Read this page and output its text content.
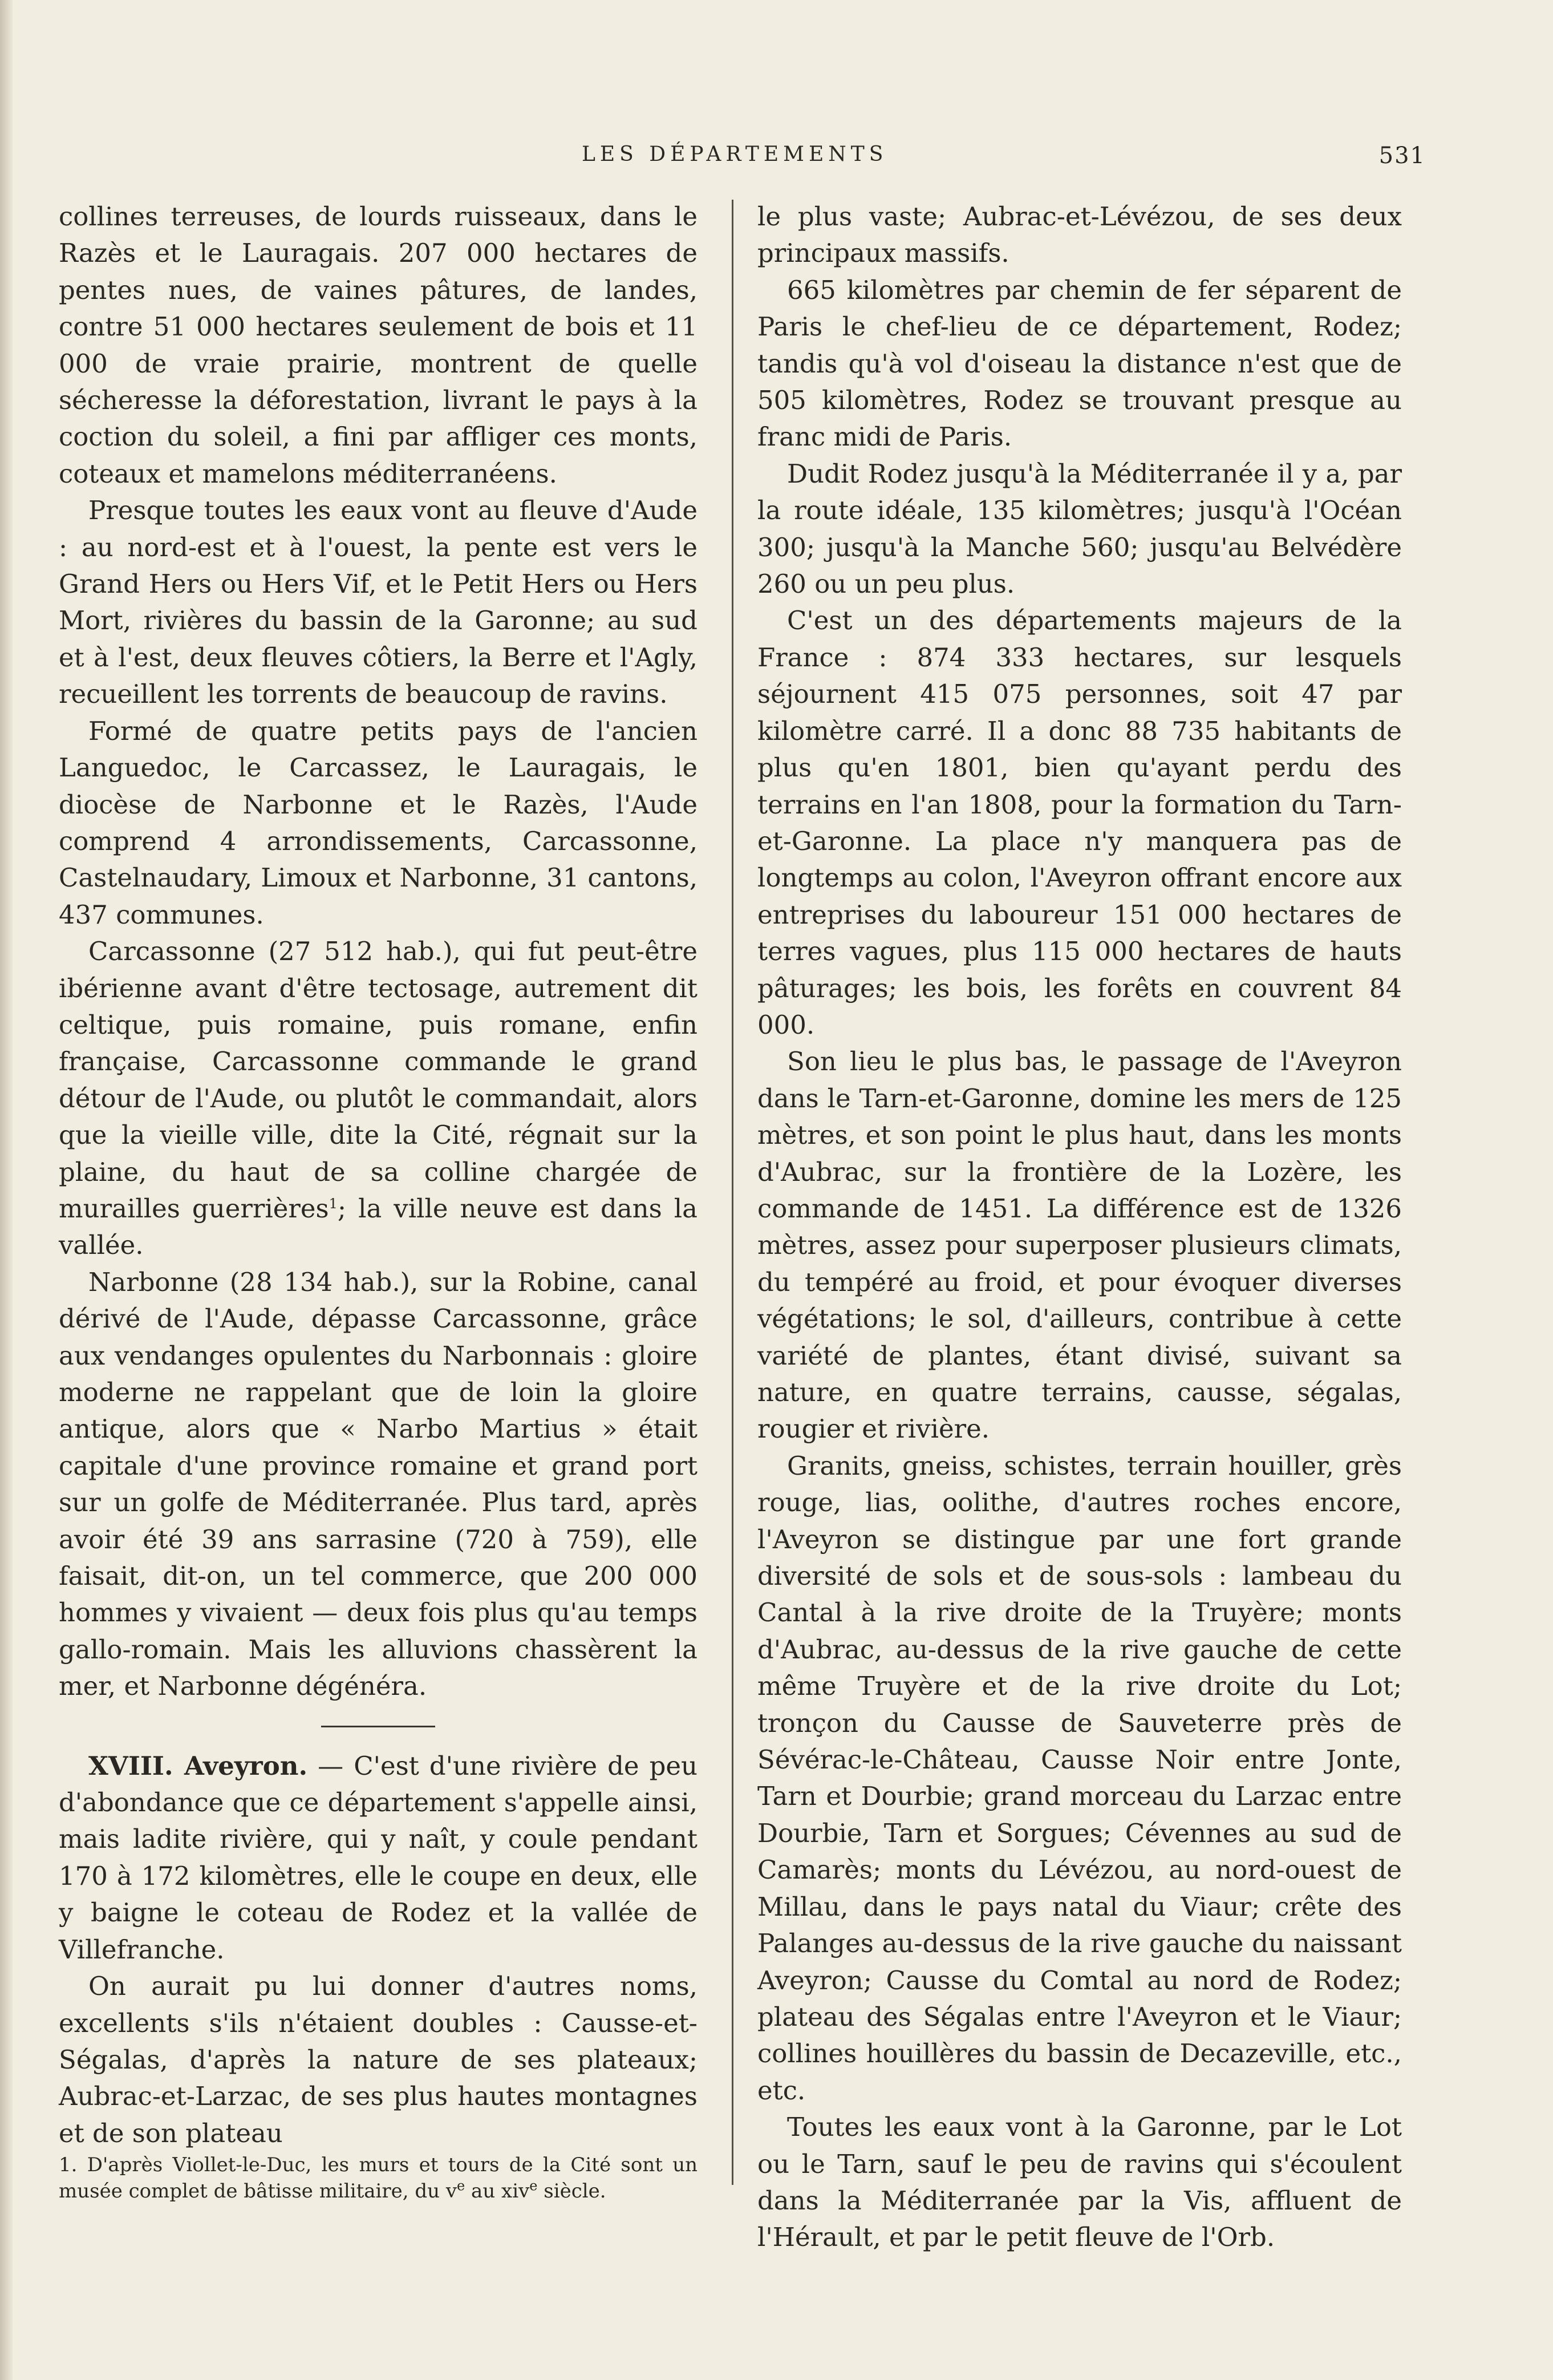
LES DÉPARTEMENTS	531

collines terreuses, de lourds ruisseaux, dans le Razès et le Lauragais. 207 000 hectares de pentes nues, de vaines pâtures, de landes, contre 51 000 hectares seulement de bois et 11 000 de vraie prairie, montrent de quelle sécheresse la déforestation, livrant le pays à la coction du soleil, a fini par affliger ces monts, coteaux et mamelons méditerranéens.

Presque toutes les eaux vont au fleuve d'Aude : au nord-est et à l'ouest, la pente est vers le Grand Hers ou Hers Vif, et le Petit Hers ou Hers Mort, rivières du bassin de la Garonne; au sud et à l'est, deux fleuves côtiers, la Berre et l'Agly, recueillent les torrents de beaucoup de ravins.

Formé de quatre petits pays de l'ancien Languedoc, le Carcassez, le Lauragais, le diocèse de Narbonne et le Razès, l'Aude comprend 4 arrondissements, Carcassonne, Castelnaudary, Limoux et Narbonne, 31 cantons, 437 communes.

Carcassonne (27 512 hab.), qui fut peut-être ibérienne avant d'être tectosage, autrement dit celtique, puis romaine, puis romane, enfin française, Carcassonne commande le grand détour de l'Aude, ou plutôt le commandait, alors que la vieille ville, dite la Cité, régnait sur la plaine, du haut de sa colline chargée de murailles guerrières$^1$; la ville neuve est dans la vallée.

Narbonne (28 134 hab.), sur la Robine, canal dérivé de l'Aude, dépasse Carcassonne, grâce aux vendanges opulentes du Narbonnais : gloire moderne ne rappelant que de loin la gloire antique, alors que « Narbo Martius » était capitale d'une province romaine et grand port sur un golfe de Méditerranée. Plus tard, après avoir été 39 ans sarrasine (720 à 759), elle faisait, dit-on, un tel commerce, que 200 000 hommes y vivaient — deux fois plus qu'au temps gallo-romain. Mais les alluvions chassèrent la mer, et Narbonne dégénéra.

XVIII. Aveyron. — C'est d'une rivière de peu d'abondance que ce département s'appelle ainsi, mais ladite rivière, qui y naît, y coule pendant 170 à 172 kilomètres, elle le coupe en deux, elle y baigne le coteau de Rodez et la vallée de Villefranche.

On aurait pu lui donner d'autres noms, excellents s'ils n'étaient doubles : Causse-et-Ségalas, d'après la nature de ses plateaux; Aubrac-et-Larzac, de ses plus hautes montagnes et de son plateau

1. D'après Viollet-le-Duc, les murs et tours de la Cité sont un musée complet de bâtisse militaire, du $v^e$ au xiv$^e$ siècle.

le plus vaste; Aubrac-et-Lévézou, de ses deux principaux massifs.

665 kilomètres par chemin de fer séparent de Paris le chef-lieu de ce département, Rodez; tandis qu'à vol d'oiseau la distance n'est que de 505 kilomètres, Rodez se trouvant presque au franc midi de Paris.

Dudit Rodez jusqu'à la Méditerranée il y a, par la route idéale, 135 kilomètres; jusqu'à l'Océan 300; jusqu'à la Manche 560; jusqu'au Belvédère 260 ou un peu plus.

C'est un des départements majeurs de la France : 874 333 hectares, sur lesquels séjournent 415 075 personnes, soit 47 par kilomètre carré. Il a donc 88 735 habitants de plus qu'en 1801, bien qu'ayant perdu des terrains en l'an 1808, pour la formation du Tarn-et-Garonne. La place n'y manquera pas de longtemps au colon, l'Aveyron offrant encore aux entreprises du laboureur 151 000 hectares de terres vagues, plus 115 000 hectares de hauts pâturages; les bois, les forêts en couvrent 84 000.

Son lieu le plus bas, le passage de l'Aveyron dans le Tarn-et-Garonne, domine les mers de 125 mètres, et son point le plus haut, dans les monts d'Aubrac, sur la frontière de la Lozère, les commande de 1451. La différence est de 1326 mètres, assez pour superposer plusieurs climats, du tempéré au froid, et pour évoquer diverses végétations; le sol, d'ailleurs, contribue à cette variété de plantes, étant divisé, suivant sa nature, en quatre terrains, causse, ségalas, rougier et rivière.

Granits, gneiss, schistes, terrain houiller, grès rouge, lias, oolithe, d'autres roches encore, l'Aveyron se distingue par une fort grande diversité de sols et de sous-sols : lambeau du Cantal à la rive droite de la Truyère; monts d'Aubrac, au-dessus de la rive gauche de cette même Truyère et de la rive droite du Lot; tronçon du Causse de Sauveterre près de Sévérac-le-Château, Causse Noir entre Jonte, Tarn et Dourbie; grand morceau du Larzac entre Dourbie, Tarn et Sorgues; Cévennes au sud de Camarès; monts du Lévézou, au nord-ouest de Millau, dans le pays natal du Viaur; crête des Palanges au-dessus de la rive gauche du naissant Aveyron; Causse du Comtal au nord de Rodez; plateau des Ségalas entre l'Aveyron et le Viaur; collines houillères du bassin de Decazeville, etc., etc.

Toutes les eaux vont à la Garonne, par le Lot ou le Tarn, sauf le peu de ravins qui s'écoulent dans la Méditerranée par la Vis, affluent de l'Hérault, et par le petit fleuve de l'Orb.
